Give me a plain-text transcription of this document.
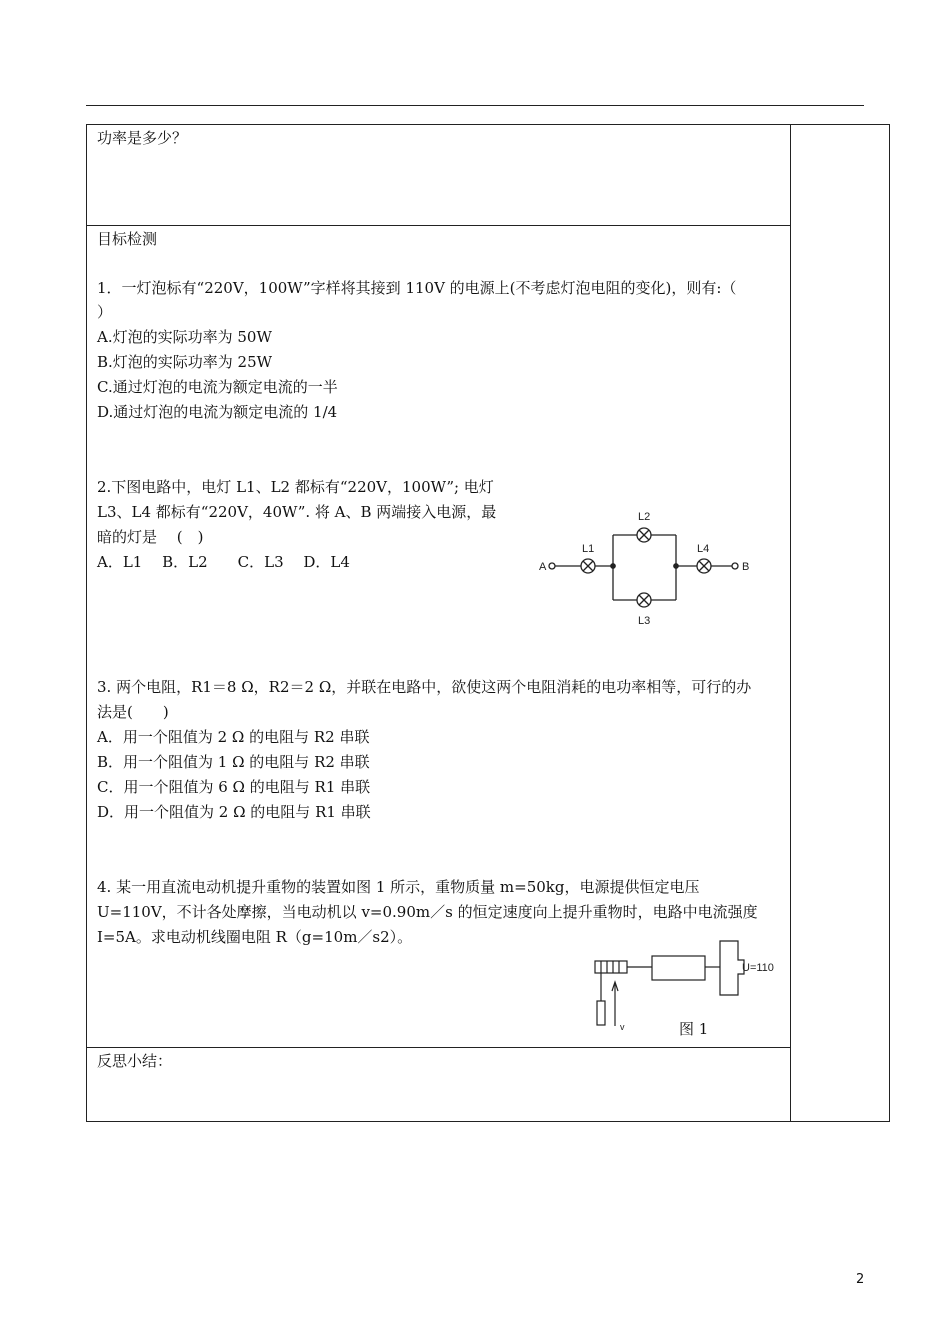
功率是多少？
目标检测
1．一灯泡标有“220V，100W”字样将其接到 110V 的电源上(不考虑灯泡电阻的变化)，则有:（
）
A.灯泡的实际功率为 50W
B.灯泡的实际功率为 25W
C.通过灯泡的电流为额定电流的一半
D.通过灯泡的电流为额定电流的 1/4
2.下图电路中，电灯 L1、L2 都标有“220V，100W”; 电灯
L3、L4 都标有“220V，40W”. 将 A、B 两端接入电源，最
暗的灯是　 (　)
A．L1　 B．L2　　C．L3　 D．L4	A
L1
L2
L3
L4
B
3. 两个电阻，R1＝8 Ω，R2＝2 Ω，并联在电路中，欲使这两个电阻消耗的电功率相等，可行的办
法是(　　)
A．用一个阻值为 2 Ω 的电阻与 R2 串联
B．用一个阻值为 1 Ω 的电阻与 R2 串联
C．用一个阻值为 6 Ω 的电阻与 R1 串联
D．用一个阻值为 2 Ω 的电阻与 R1 串联
4. 某一用直流电动机提升重物的装置如图 1 所示，重物质量 m=50kg，电源提供恒定电压
U=110V，不计各处摩擦，当电动机以 v=0.90m／s 的恒定速度向上提升重物时，电路中电流强度
I=5A。求电动机线圈电阻 R（g=10m／s2）。
U=110
v	图 1
反思小结：
2
